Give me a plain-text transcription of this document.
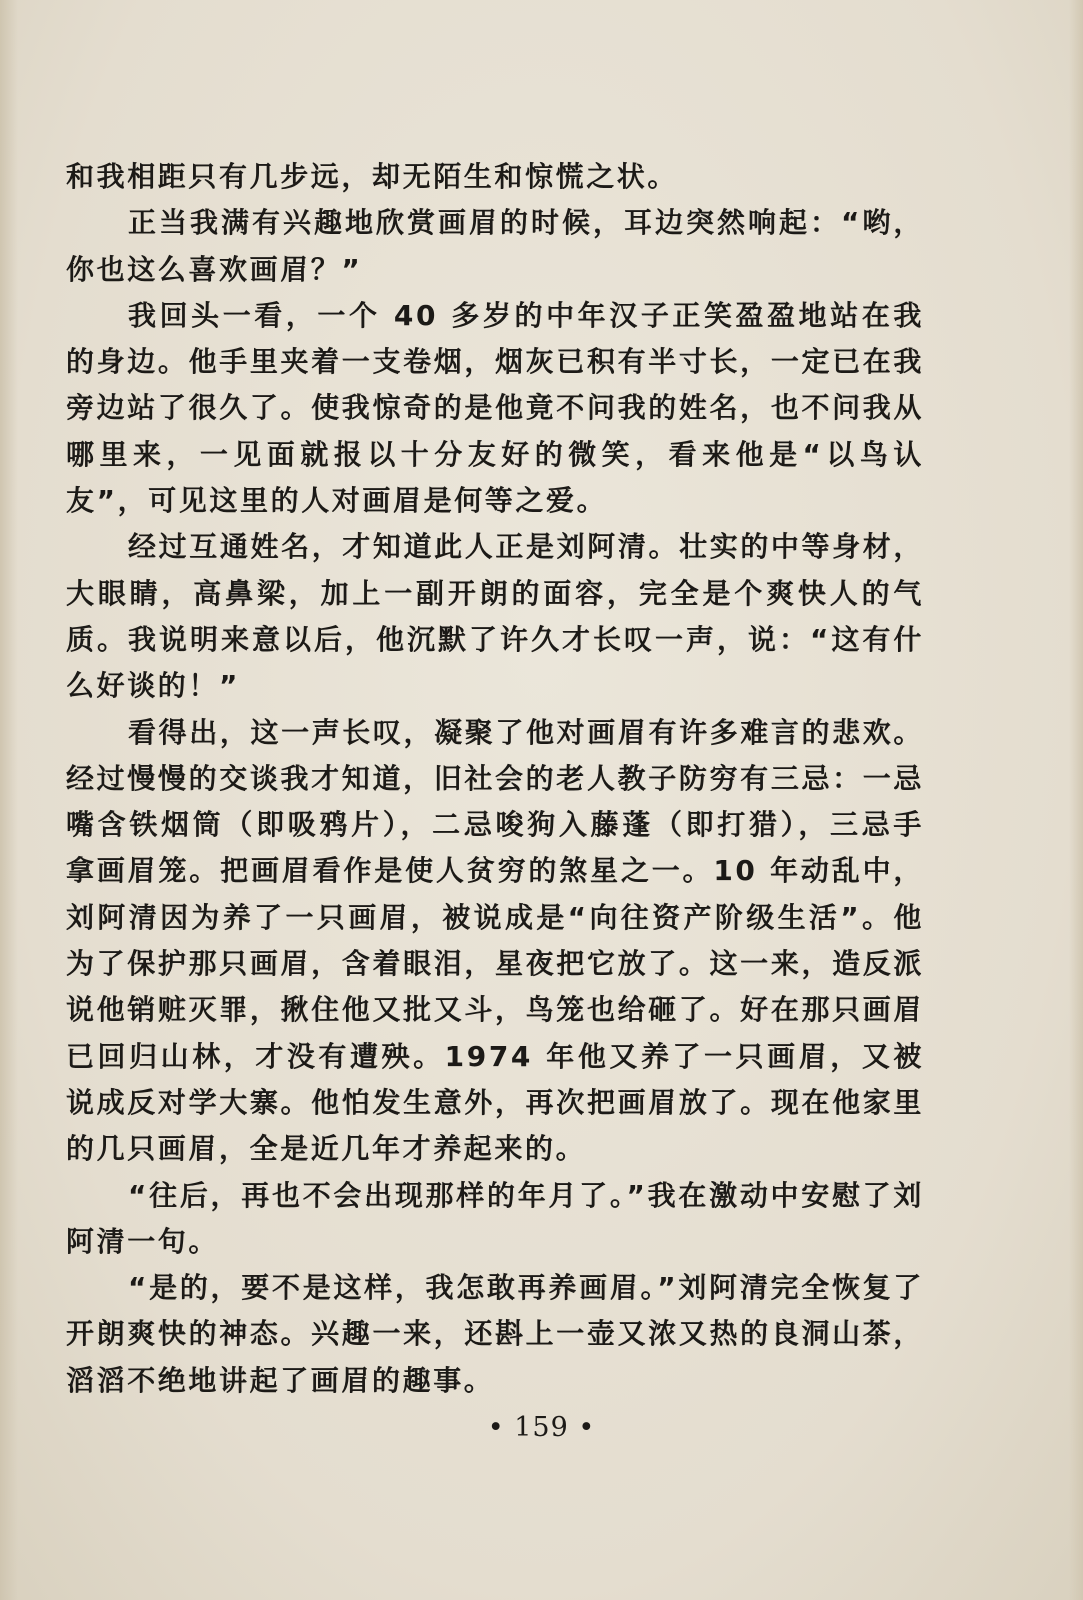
和我相距只有几步远，却无陌生和惊慌之状。

正当我满有兴趣地欣赏画眉的时候，耳边突然响起：“哟，你也这么喜欢画眉？”

我回头一看，一个 40 多岁的中年汉子正笑盈盈地站在我的身边。他手里夹着一支卷烟，烟灰已积有半寸长，一定已在我旁边站了很久了。使我惊奇的是他竟不问我的姓名，也不问我从哪里来，一见面就报以十分友好的微笑，看来他是“以鸟认友”，可见这里的人对画眉是何等之爱。

经过互通姓名，才知道此人正是刘阿清。壮实的中等身材，大眼睛，高鼻梁，加上一副开朗的面容，完全是个爽快人的气质。我说明来意以后，他沉默了许久才长叹一声，说：“这有什么好谈的！”

看得出，这一声长叹，凝聚了他对画眉有许多难言的悲欢。经过慢慢的交谈我才知道，旧社会的老人教子防穷有三忌：一忌嘴含铁烟筒（即吸鸦片），二忌唆狗入藤蓬（即打猎），三忌手拿画眉笼。把画眉看作是使人贫穷的煞星之一。10 年动乱中，刘阿清因为养了一只画眉，被说成是“向往资产阶级生活”。他为了保护那只画眉，含着眼泪，星夜把它放了。这一来，造反派说他销赃灭罪，揪住他又批又斗，鸟笼也给砸了。好在那只画眉已回归山林，才没有遭殃。1974 年他又养了一只画眉，又被说成反对学大寨。他怕发生意外，再次把画眉放了。现在他家里的几只画眉，全是近几年才养起来的。

“往后，再也不会出现那样的年月了。”我在激动中安慰了刘阿清一句。

“是的，要不是这样，我怎敢再养画眉。”刘阿清完全恢复了开朗爽快的神态。兴趣一来，还斟上一壶又浓又热的良洞山茶，滔滔不绝地讲起了画眉的趣事。

• 159 •
